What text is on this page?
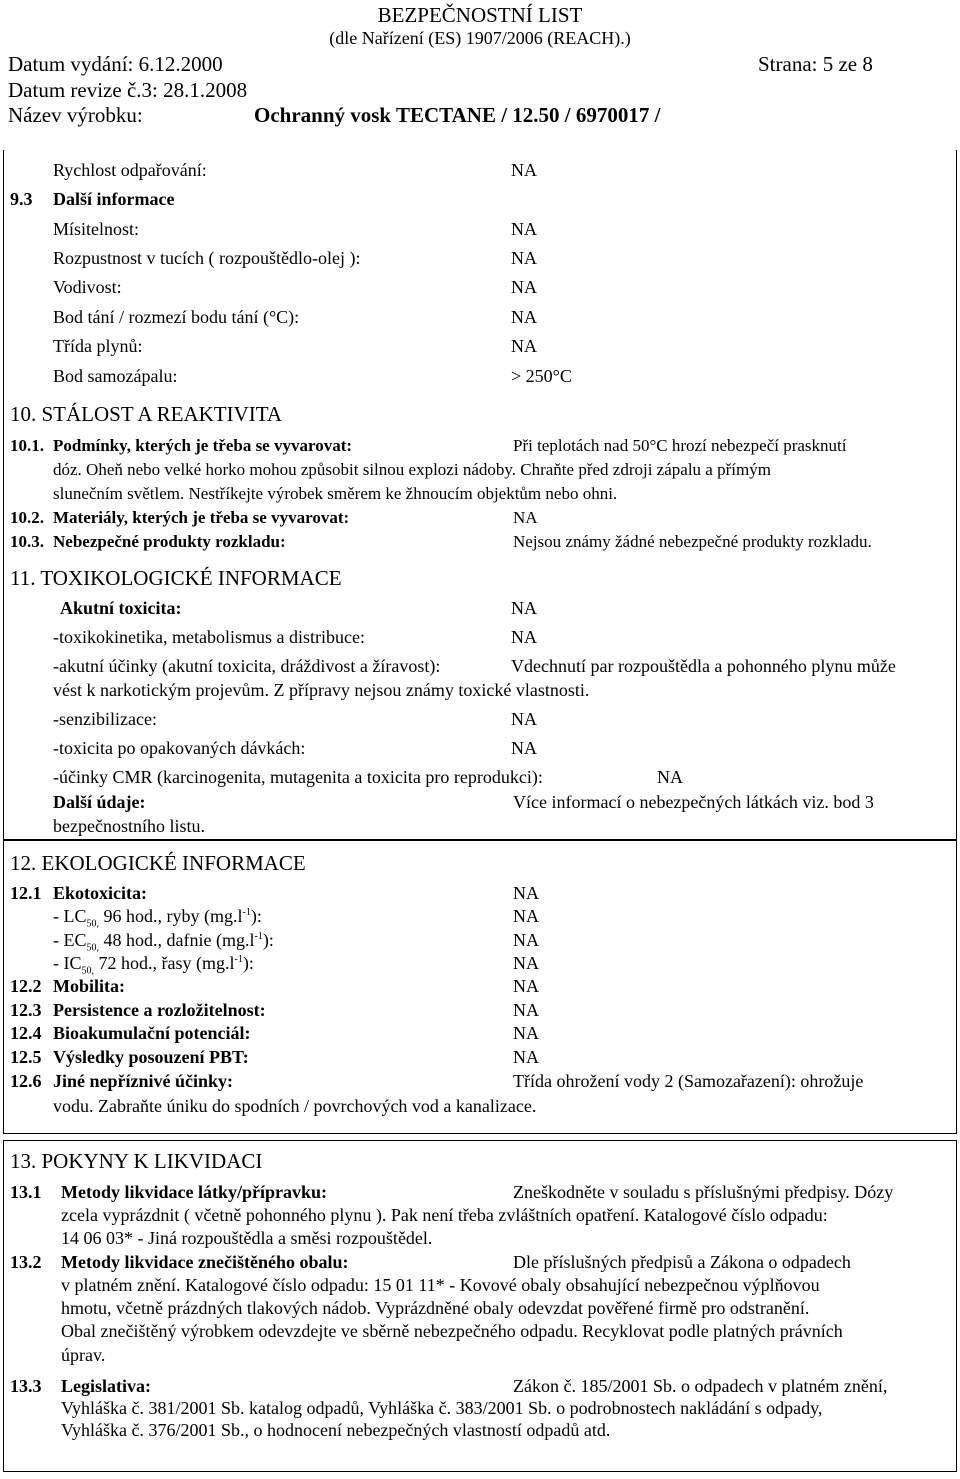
BEZPEČNOSTNÍ LIST
(dle Nařízení (ES) 1907/2006 (REACH).)
Datum vydání: 6.12.2000	Strana: 5 ze 8
Datum revize č.3: 28.1.2008
Název výrobku:	Ochranný vosk TECTANE / 12.50 / 6970017 /
Rychlost odpařování:	NA
9.3 Další informace
Mísitelnost:	NA
Rozpustnost v tucích ( rozpouštědlo-olej ):	NA
Vodivost:	NA
Bod tání / rozmezí bodu tání (°C):	NA
Třída plynů:	NA
Bod samozápalu:	> 250°C
10. STÁLOST A REAKTIVITA
10.1. Podmínky, kterých je třeba se vyvarovat:	Při teplotách nad 50°C hrozí nebezpečí prasknutí
dóz. Oheň nebo velké horko mohou způsobit silnou explozi nádoby. Chraňte před zdroji zápalu a přímým
slunečním světlem. Nestříkejte výrobek směrem ke žhnoucím objektům nebo ohni.
10.2. Materiály, kterých je třeba se vyvarovat:	NA
10.3. Nebezpečné produkty rozkladu:	Nejsou známy žádné nebezpečné produkty rozkladu.
11. TOXIKOLOGICKÉ INFORMACE
Akutní toxicita:	NA
-toxikokinetika, metabolismus a distribuce:	NA
-akutní účinky (akutní toxicita, dráždivost a žíravost):	Vdechnutí par rozpouštědla a pohonného plynu může
vést k narkotickým projevům. Z přípravy nejsou známy toxické vlastnosti.
-senzibilizace:	NA
-toxicita po opakovaných dávkách:	NA
-účinky CMR (karcinogenita, mutagenita a toxicita pro reprodukci):	NA
Další údaje:	Více informací o nebezpečných látkách viz. bod 3
bezpečnostního listu.
12. EKOLOGICKÉ INFORMACE
12.1 Ekotoxicita:	NA
- $LC_{50,}$ 96 hod., ryby $(mg.l^{-1})$:	NA
- $EC_{50,}$ 48 hod., dafnie $(mg.l^{-1})$:	NA
- $IC_{50,}$ 72 hod., řasy $(mg.l^{-1})$:	NA
12.2 Mobilita:	NA
12.3 Persistence a rozložitelnost:	NA
12.4 Bioakumulační potenciál:	NA
12.5 Výsledky posouzení PBT:	NA
12.6 Jiné nepříznivé účinky:	Třída ohrožení vody 2 (Samozařazení): ohrožuje
vodu. Zabraňte úniku do spodních / povrchových vod a kanalizace.
13. POKYNY K LIKVIDACI
13.1 Metody likvidace látky/přípravku:	Zneškodněte v souladu s příslušnými předpisy. Dózy
zcela vyprázdnit ( včetně pohonného plynu ). Pak není třeba zvláštních opatření. Katalogové číslo odpadu:
14 06 03* - Jiná rozpouštědla a směsi rozpouštědel.
13.2 Metody likvidace znečištěného obalu:	Dle příslušných předpisů a Zákona o odpadech
v platném znění. Katalogové číslo odpadu: 15 01 11* - Kovové obaly obsahující nebezpečnou výplňovou
hmotu, včetně prázdných tlakových nádob. Vyprázdněné obaly odevzdat pověřené firmě pro odstranění.
Obal znečištěný výrobkem odevzdejte ve sběrně nebezpečného odpadu. Recyklovat podle platných právních
úprav.
13.3 Legislativa:	Zákon č. 185/2001 Sb. o odpadech v platném znění,
Vyhláška č. 381/2001 Sb. katalog odpadů, Vyhláška č. 383/2001 Sb. o podrobnostech nakládání s odpady,
Vyhláška č. 376/2001 Sb., o hodnocení nebezpečných vlastností odpadů atd.
